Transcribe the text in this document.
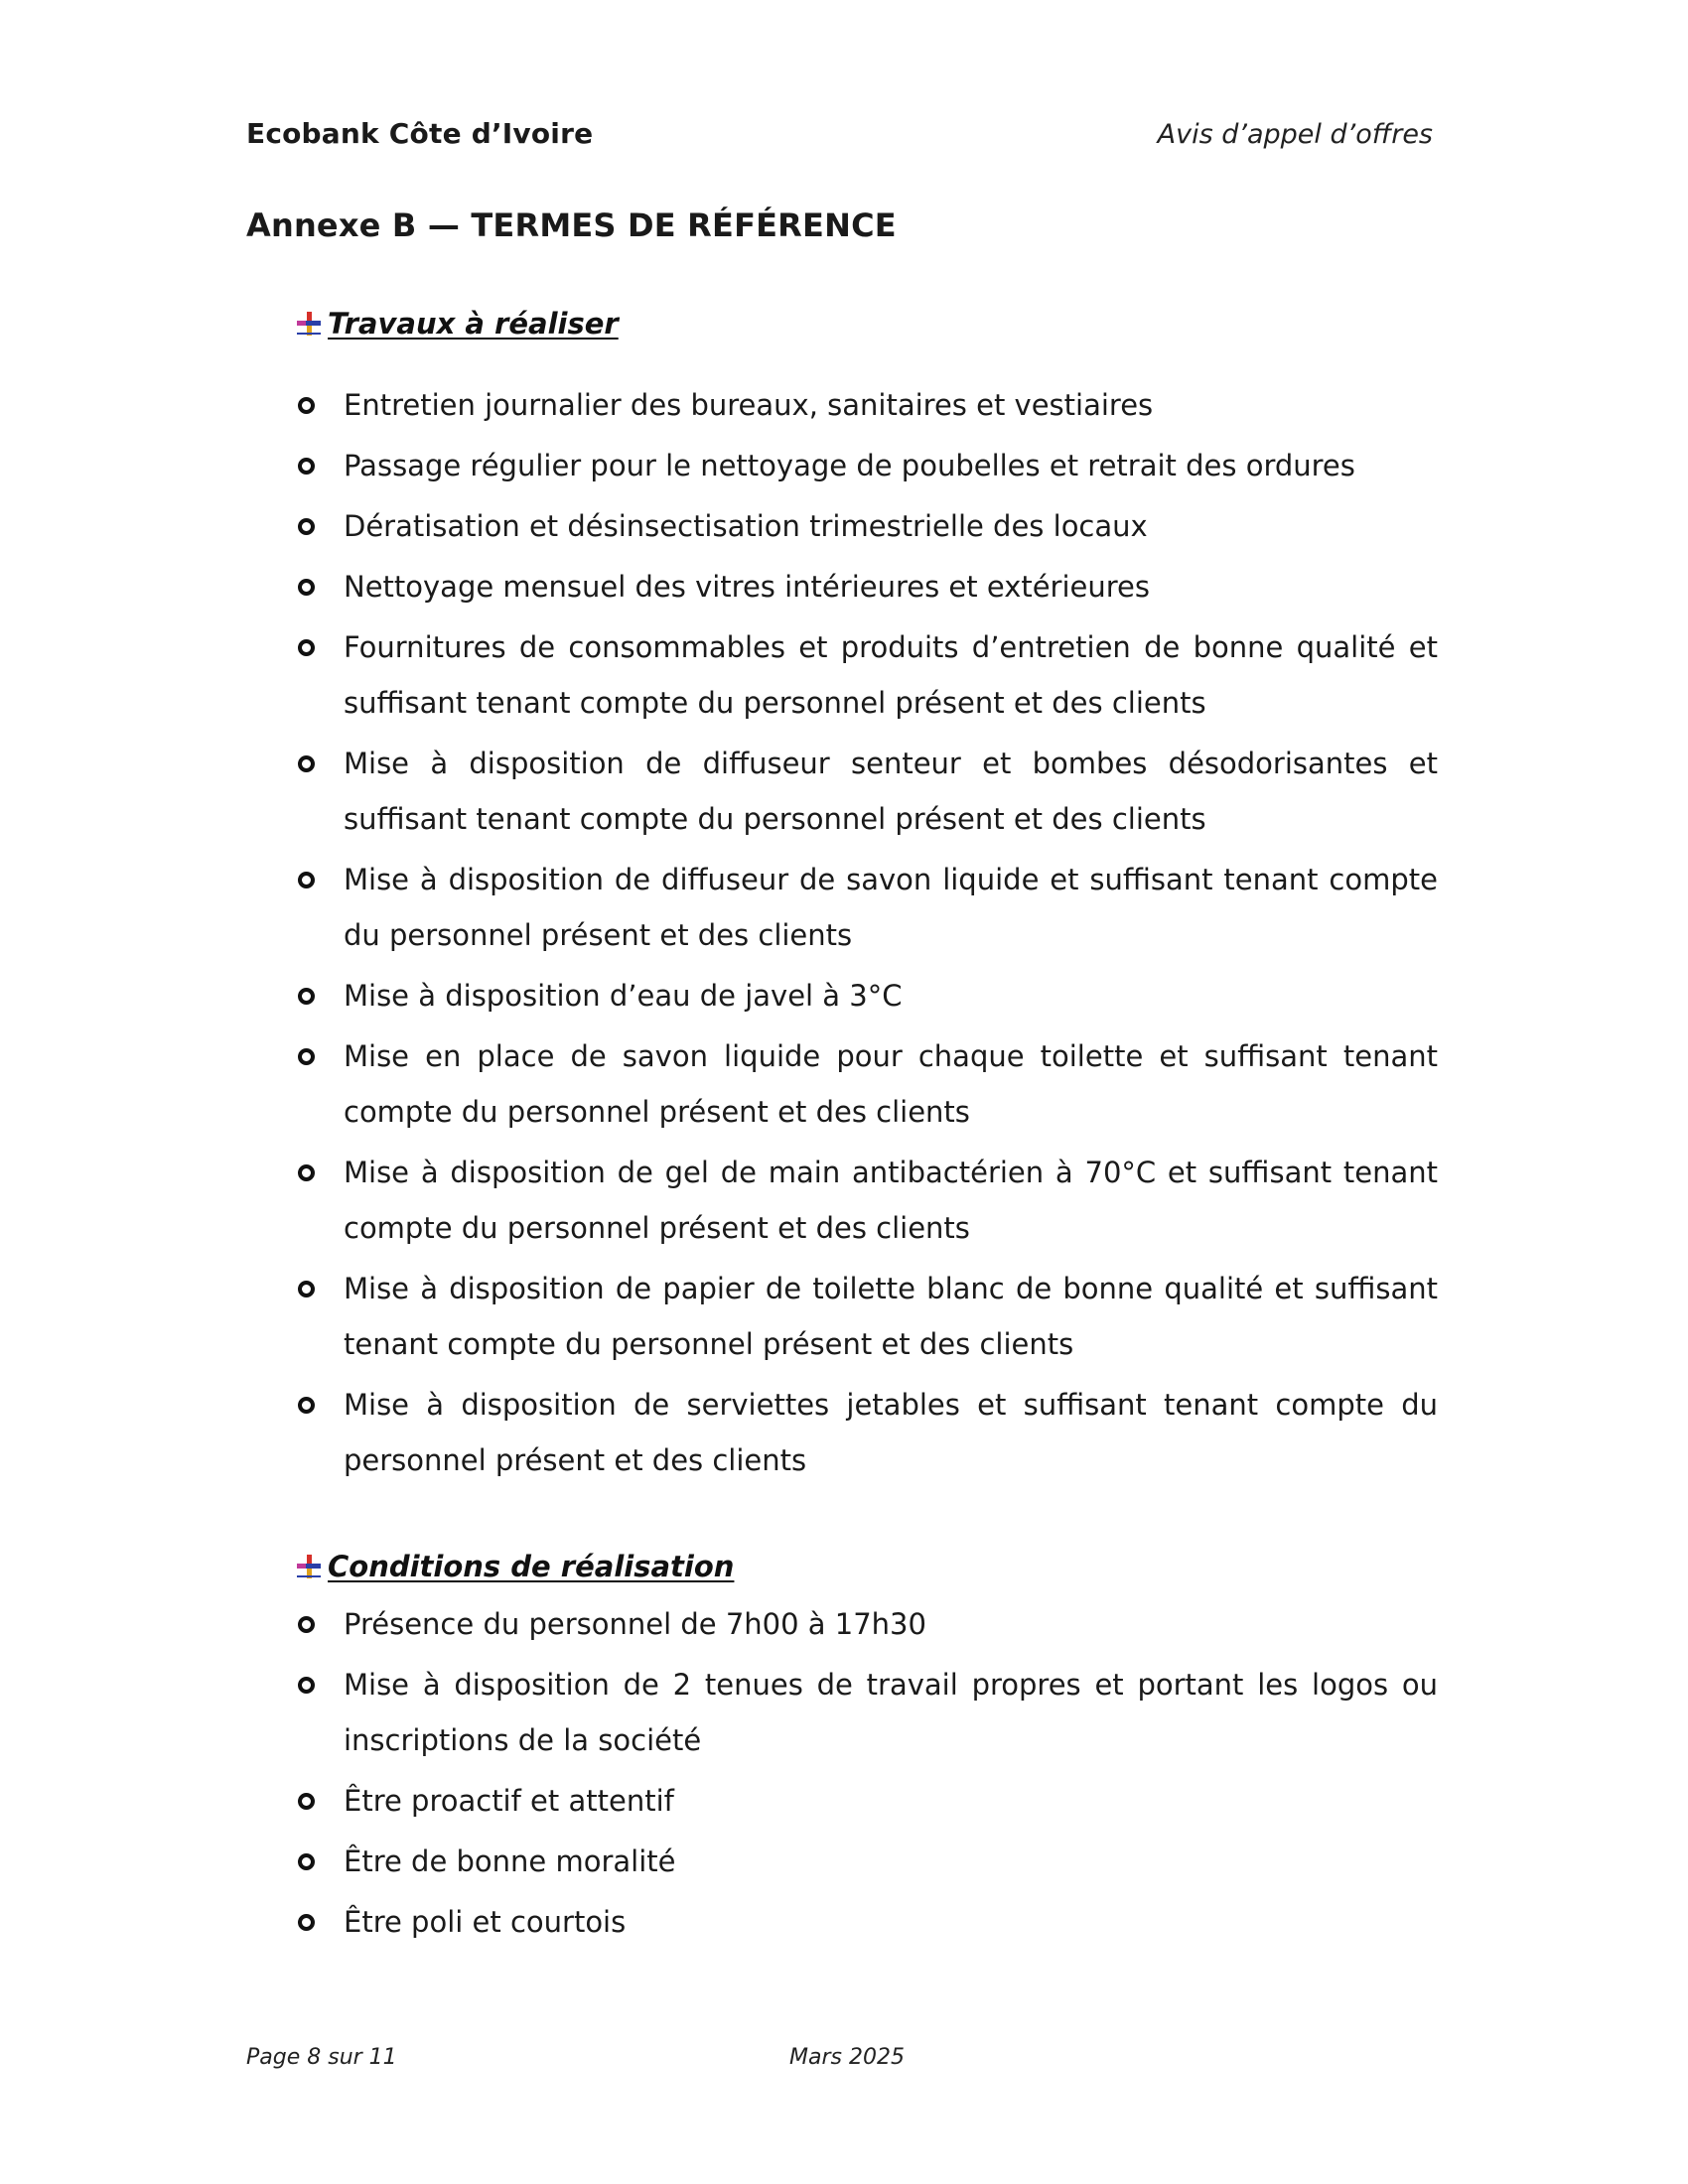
Ecobank Côte d’Ivoire	Avis d’appel d’offres
Annexe B — TERMES DE RÉFÉRENCE
Travaux à réaliser
Entretien journalier des bureaux, sanitaires et vestiaires
Passage régulier pour le nettoyage de poubelles et retrait des ordures
Dératisation et désinsectisation trimestrielle des locaux
Nettoyage mensuel des vitres intérieures et extérieures
Fournitures de consommables et produits d’entretien de bonne qualité et suffisant tenant compte du personnel présent et des clients
Mise à disposition de diffuseur senteur et bombes désodorisantes et suffisant tenant compte du personnel présent et des clients
Mise à disposition de diffuseur de savon liquide et suffisant tenant compte du personnel présent et des clients
Mise à disposition d’eau de javel à 3°C
Mise en place de savon liquide pour chaque toilette et suffisant tenant compte du personnel présent et des clients
Mise à disposition de gel de main antibactérien à 70°C et suffisant tenant compte du personnel présent et des clients
Mise à disposition de papier de toilette blanc de bonne qualité et suffisant tenant compte du personnel présent et des clients
Mise à disposition de serviettes jetables et suffisant tenant compte du personnel présent et des clients
Conditions de réalisation
Présence du personnel de 7h00 à 17h30
Mise à disposition de 2 tenues de travail propres et portant les logos ou inscriptions de la société
Être proactif et attentif
Être de bonne moralité
Être poli et courtois
Page 8 sur 11	Mars 2025
